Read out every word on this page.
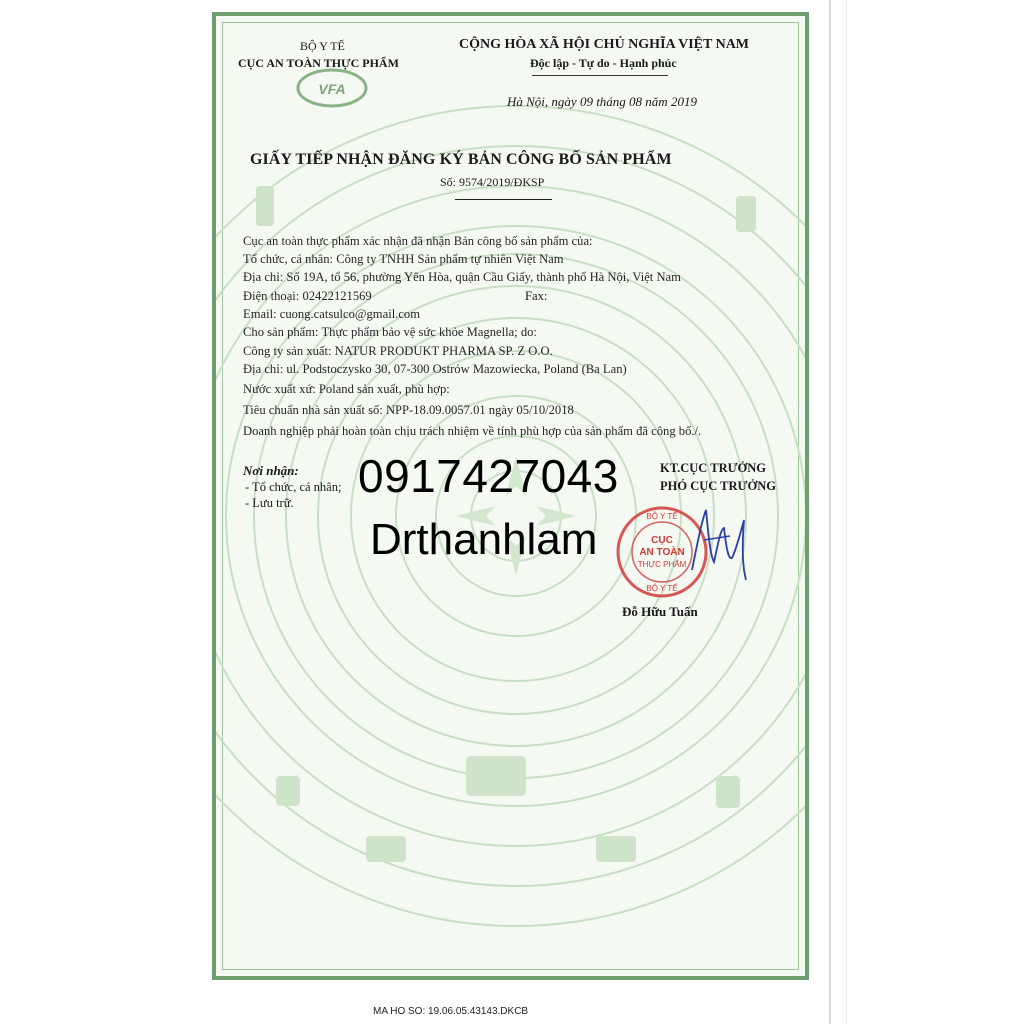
BỘ Y TẾ
CỤC AN TOÀN THỰC PHẨM
VFA
CỘNG HÒA XÃ HỘI CHỦ NGHĨA VIỆT NAM
Độc lập - Tự do - Hạnh phúc
Hà Nội, ngày 09 tháng 08 năm 2019
GIẤY TIẾP NHẬN ĐĂNG KÝ BẢN CÔNG BỐ SẢN PHẨM
Số: 9574/2019/ĐKSP
Cục an toàn thực phẩm xác nhận đã nhận Bản công bố sản phẩm của:
Tổ chức, cá nhân: Công ty TNHH Sản phẩm tự nhiên Việt Nam
Địa chỉ: Số 19A, tổ 56, phường Yên Hòa, quận Cầu Giấy, thành phố Hà Nội, Việt Nam
Điện thoại: 02422121569	Fax:
Email: cuong.catsulco@gmail.com
Cho sản phẩm: Thực phẩm bảo vệ sức khỏe Magnella; do:
Công ty sản xuất: NATUR PRODUKT PHARMA SP. Z O.O.
Địa chỉ: ul. Podstoczysko 30, 07-300 Ostrów Mazowiecka, Poland (Ba Lan)
Nước xuất xứ: Poland sản xuất, phù hợp:
Tiêu chuẩn nhà sản xuất số: NPP-18.09.0057.01 ngày 05/10/2018
Doanh nghiệp phải hoàn toàn chịu trách nhiệm về tính phù hợp của sản phẩm đã công bố./.
Nơi nhận:
- Tổ chức, cá nhân;
- Lưu trữ.
KT.CỤC TRƯỞNG
PHÓ CỤC TRƯỞNG
BỘ Y TẾ
CỤC
AN TOÀN
THỰC PHẨM
BỘ Y TẾ
Đỗ Hữu Tuấn
0917427043
Drthanhlam
MA HO SO: 19.06.05.43143.DKCB
